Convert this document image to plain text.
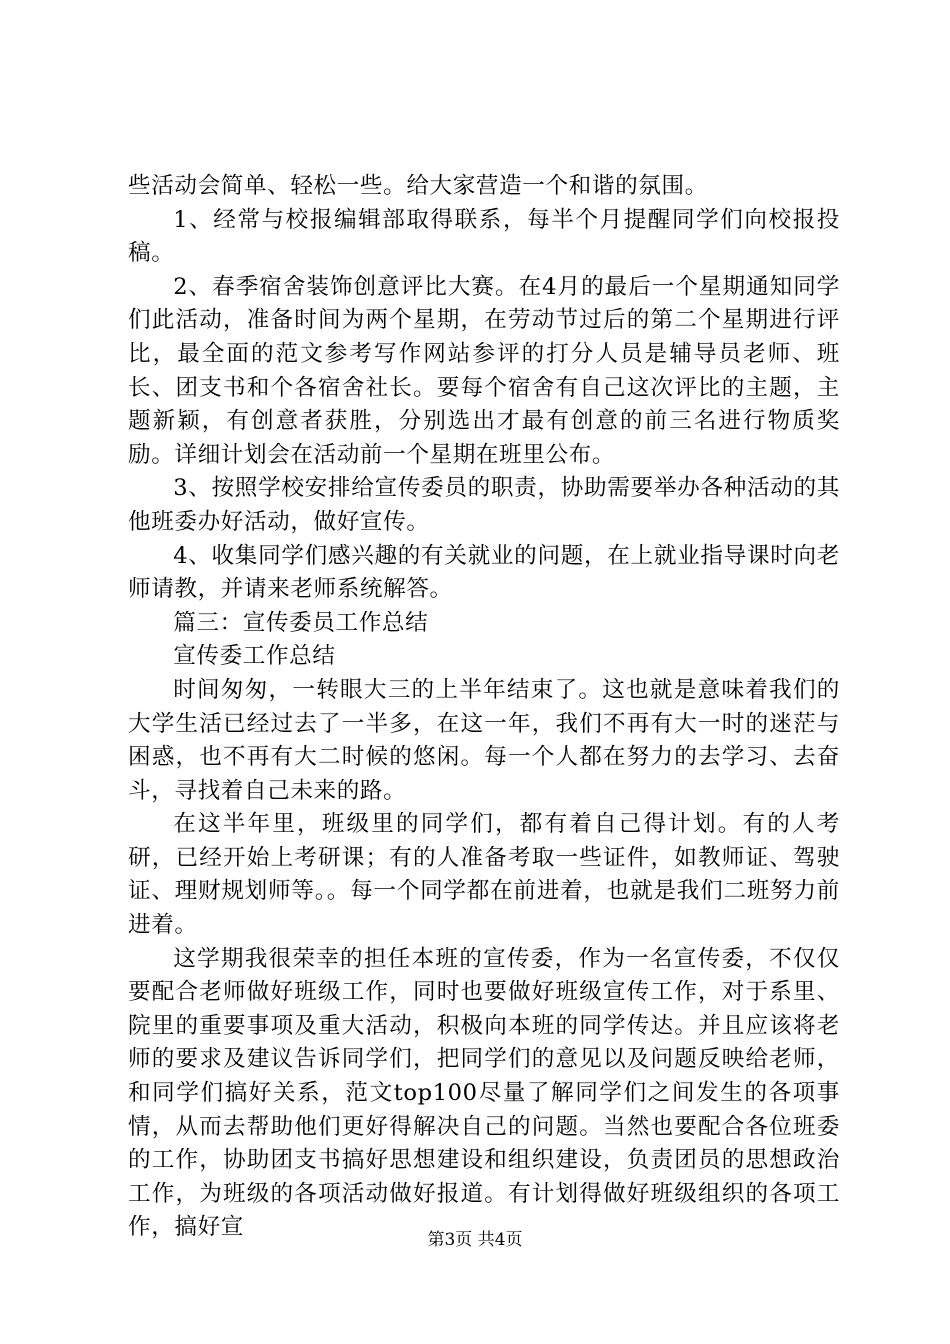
些活动会简单、轻松一些。给大家营造一个和谐的氛围。

1、经常与校报编辑部取得联系，每半个月提醒同学们向校报投稿。

2、春季宿舍装饰创意评比大赛。在4月的最后一个星期通知同学们此活动，准备时间为两个星期，在劳动节过后的第二个星期进行评比，最全面的范文参考写作网站参评的打分人员是辅导员老师、班长、团支书和个各宿舍社长。要每个宿舍有自己这次评比的主题，主题新颖，有创意者获胜，分别选出才最有创意的前三名进行物质奖励。详细计划会在活动前一个星期在班里公布。

3、按照学校安排给宣传委员的职责，协助需要举办各种活动的其他班委办好活动，做好宣传。

4、收集同学们感兴趣的有关就业的问题，在上就业指导课时向老师请教，并请来老师系统解答。

篇三：宣传委员工作总结

宣传委工作总结

时间匆匆，一转眼大三的上半年结束了。这也就是意味着我们的大学生活已经过去了一半多，在这一年，我们不再有大一时的迷茫与困惑，也不再有大二时候的悠闲。每一个人都在努力的去学习、去奋斗，寻找着自己未来的路。

在这半年里，班级里的同学们，都有着自己得计划。有的人考研，已经开始上考研课；有的人准备考取一些证件，如教师证、驾驶证、理财规划师等。。每一个同学都在前进着，也就是我们二班努力前进着。

这学期我很荣幸的担任本班的宣传委，作为一名宣传委，不仅仅要配合老师做好班级工作，同时也要做好班级宣传工作，对于系里、院里的重要事项及重大活动，积极向本班的同学传达。并且应该将老师的要求及建议告诉同学们，把同学们的意见以及问题反映给老师，和同学们搞好关系，范文top100尽量了解同学们之间发生的各项事情，从而去帮助他们更好得解决自己的问题。当然也要配合各位班委的工作，协助团支书搞好思想建设和组织建设，负责团员的思想政治工作，为班级的各项活动做好报道。有计划得做好班级组织的各项工作，搞好宣	第3页 共4页
